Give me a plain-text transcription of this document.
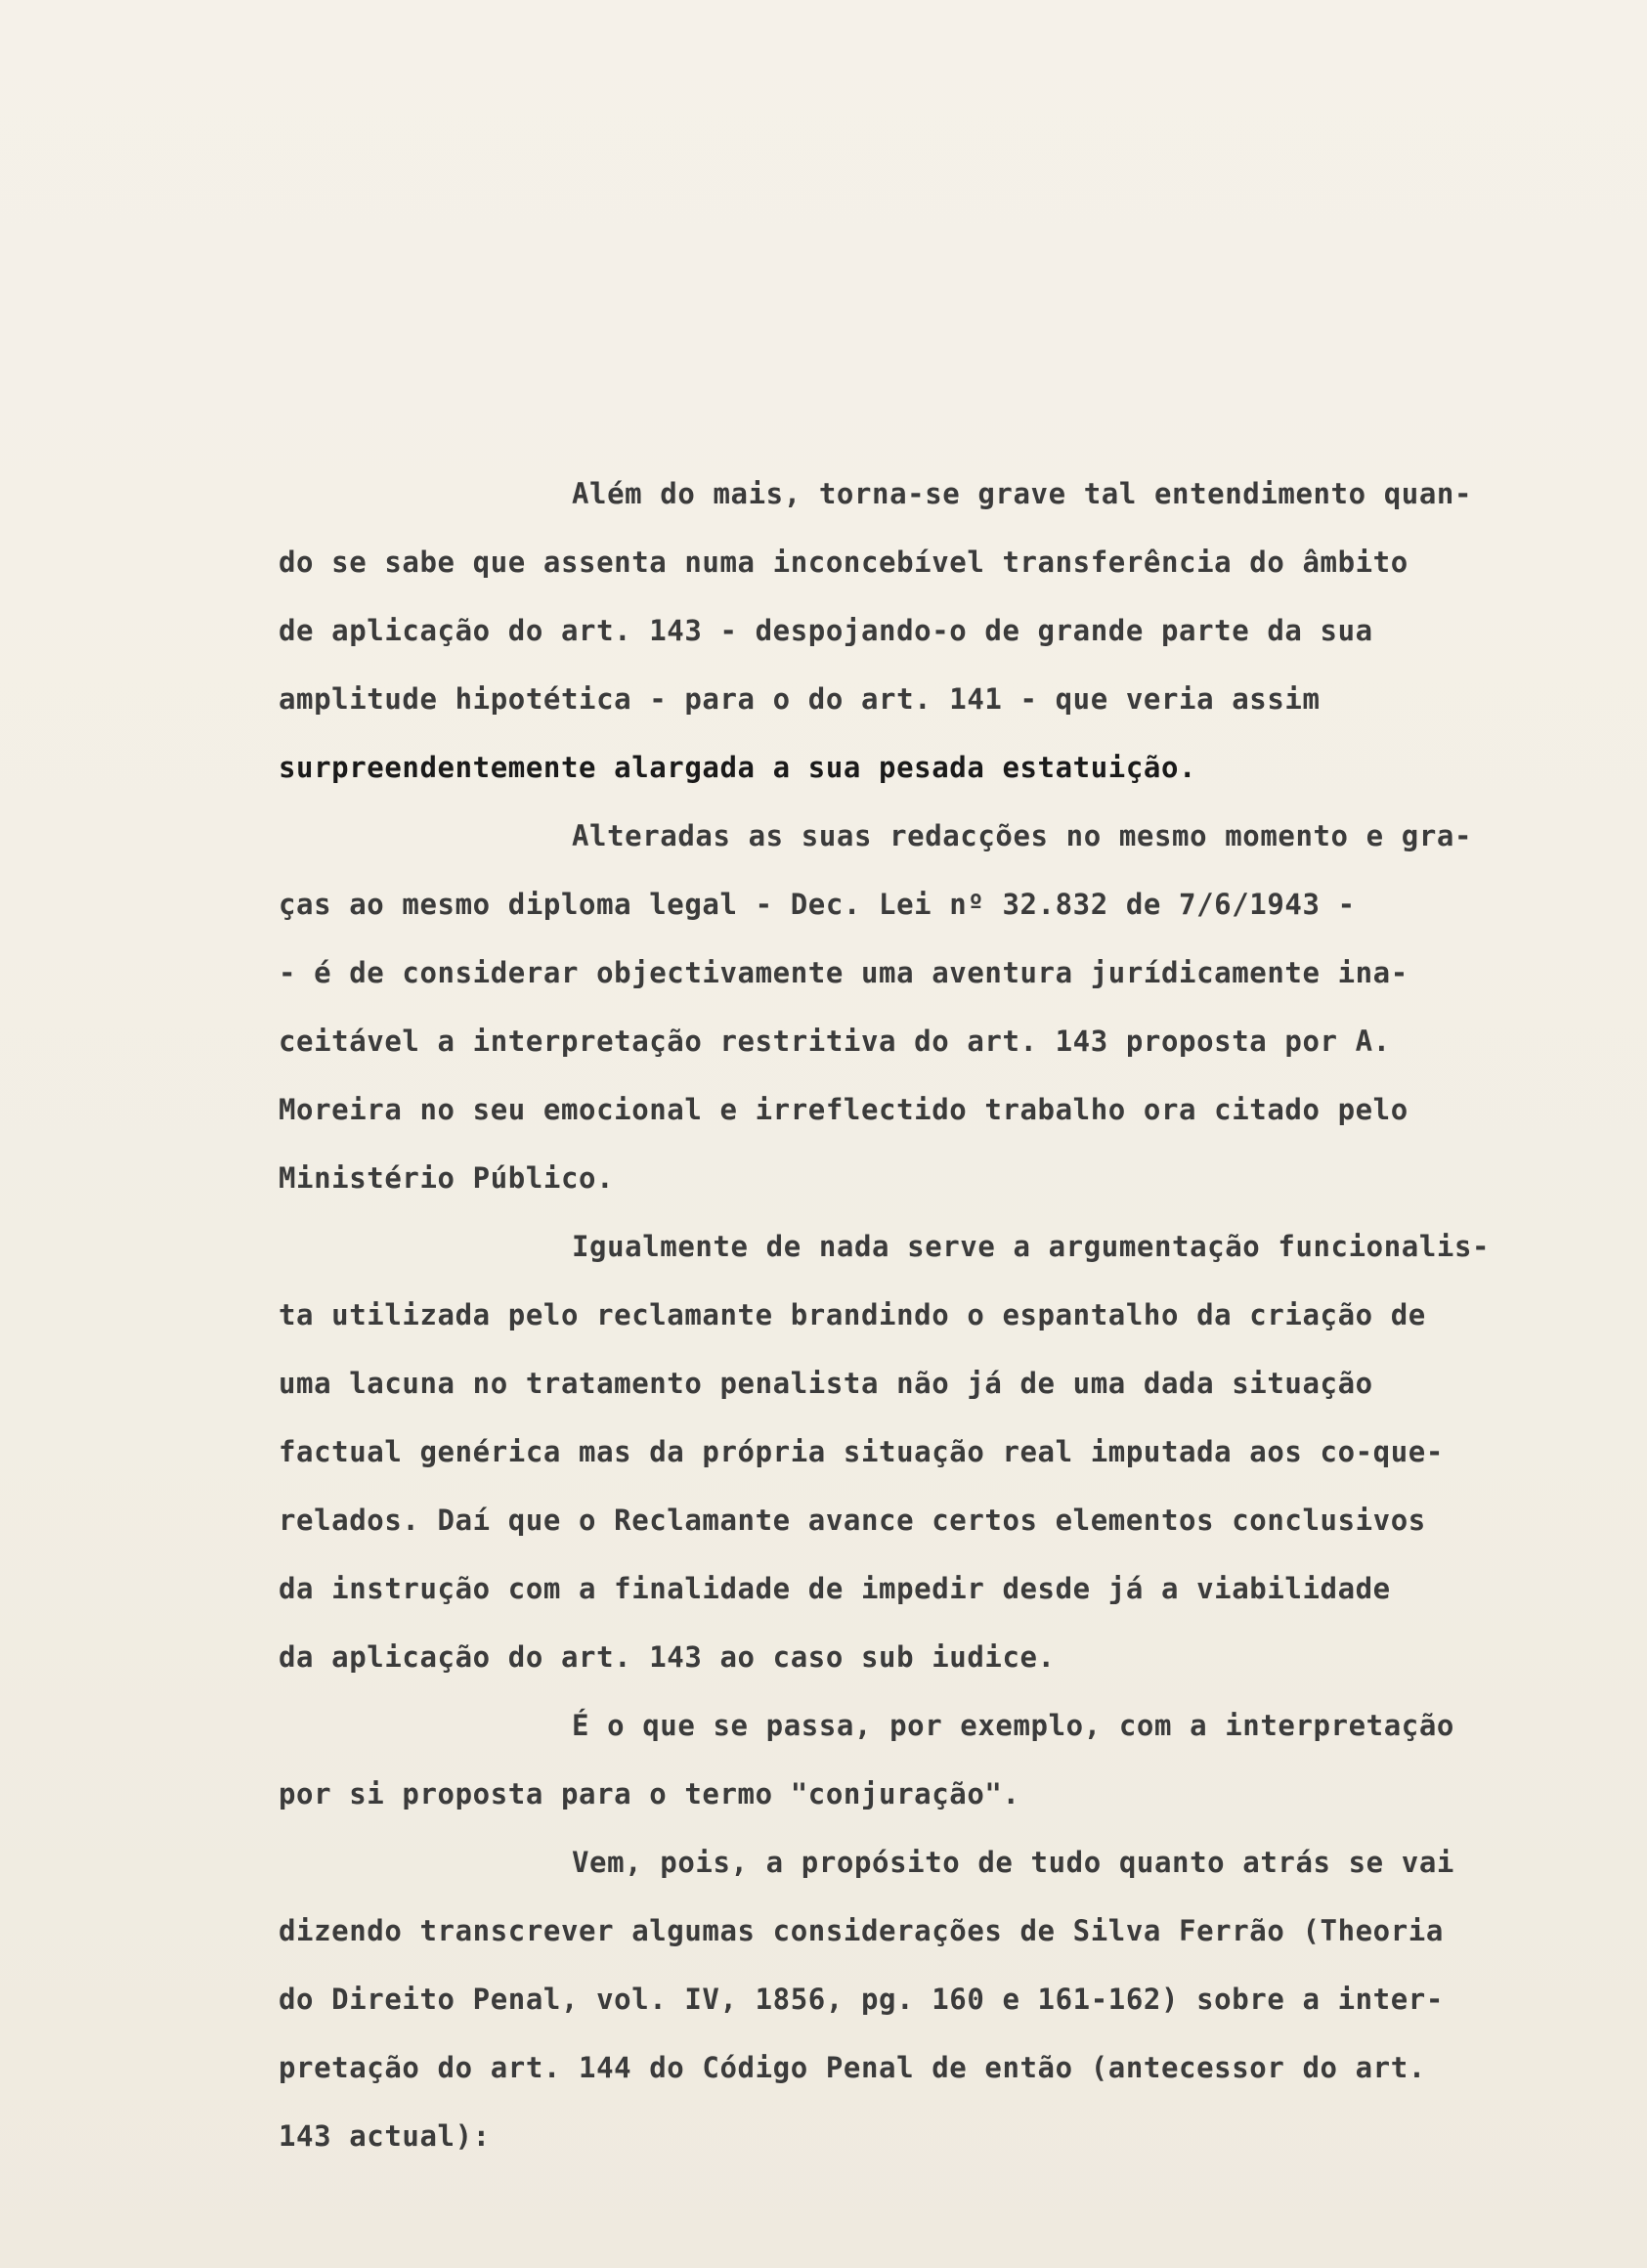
Além do mais, torna-se grave tal entendimento quan-
do se sabe que assenta numa inconcebível transferência do âmbito
de aplicação do art. 143 - despojando-o de grande parte da sua
amplitude hipotética - para o do art. 141 - que veria assim
surpreendentemente alargada a sua pesada estatuição.
Alteradas as suas redacções no mesmo momento e gra-
ças ao mesmo diploma legal - Dec. Lei nº 32.832 de 7/6/1943 -
- é de considerar objectivamente uma aventura jurídicamente ina-
ceitável a interpretação restritiva do art. 143 proposta por A.
Moreira no seu emocional e irreflectido trabalho ora citado pelo
Ministério Público.
Igualmente de nada serve a argumentação funcionalis-
ta utilizada pelo reclamante brandindo o espantalho da criação de
uma lacuna no tratamento penalista não já de uma dada situação
factual genérica mas da própria situação real imputada aos co-que-
relados. Daí que o Reclamante avance certos elementos conclusivos
da instrução com a finalidade de impedir desde já a viabilidade
da aplicação do art. 143 ao caso sub iudice.
É o que se passa, por exemplo, com a interpretação
por si proposta para o termo "conjuração".
Vem, pois, a propósito de tudo quanto atrás se vai
dizendo transcrever algumas considerações de Silva Ferrão (Theoria
do Direito Penal, vol. IV, 1856, pg. 160 e 161-162) sobre a inter-
pretação do art. 144 do Código Penal de então (antecessor do art.
143 actual):
